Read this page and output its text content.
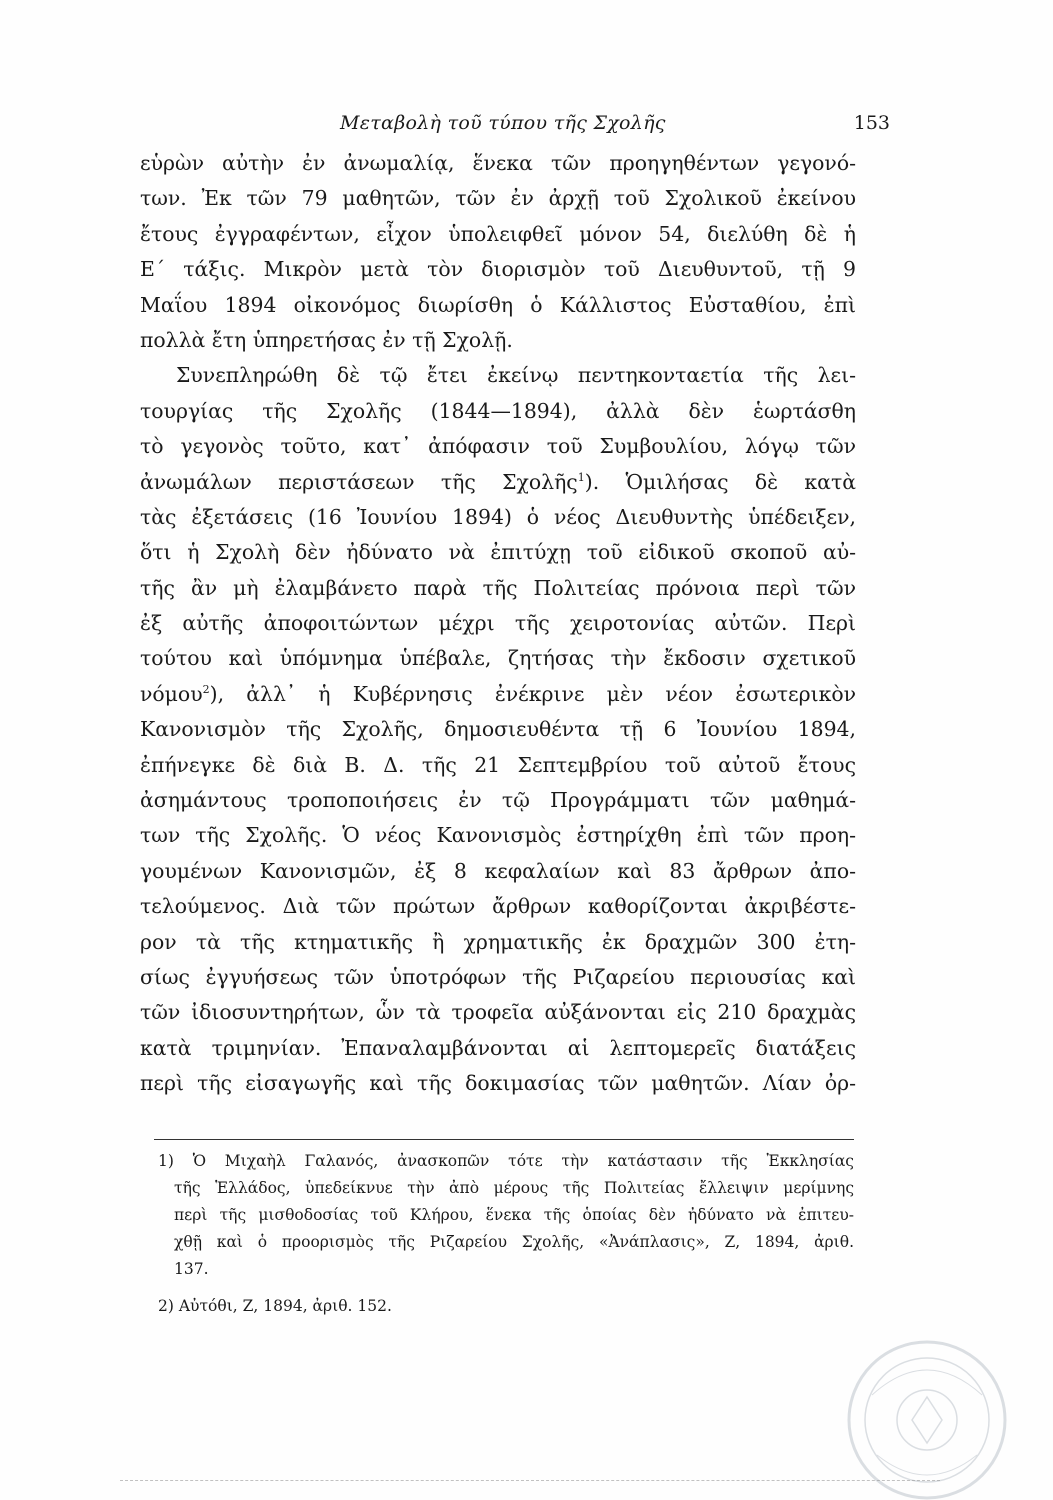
Μεταβολὴ τοῦ τύπου τῆς Σχολῆς	153
εὑρὼν αὐτὴν ἐν ἀνωμαλίᾳ, ἕνεκα τῶν προηγηθέντων γεγονό-
των. Ἐκ τῶν 79 μαθητῶν, τῶν ἐν ἀρχῇ τοῦ Σχολικοῦ ἐκείνου
ἔτους ἐγγραφέντων, εἶχον ὑπολειφθεῖ μόνον 54, διελύθη δὲ ἡ
Ε΄ τάξις. Μικρὸν μετὰ τὸν διορισμὸν τοῦ Διευθυντοῦ, τῇ 9
Μαΐου 1894 οἰκονόμος διωρίσθη ὁ Κάλλιστος Εὐσταθίου, ἐπὶ
πολλὰ ἔτη ὑπηρετήσας ἐν τῇ Σχολῇ.
Συνεπληρώθη δὲ τῷ ἔτει ἐκείνῳ πεντηκονταετία τῆς λει-
τουργίας τῆς Σχολῆς (1844—1894), ἀλλὰ δὲν ἑωρτάσθη
τὸ γεγονὸς τοῦτο, κατ᾽ ἀπόφασιν τοῦ Συμβουλίου, λόγῳ τῶν
ἀνωμάλων περιστάσεων τῆς Σχολῆς$^1$). Ὁμιλήσας δὲ κατὰ
τὰς ἐξετάσεις (16 Ἰουνίου 1894) ὁ νέος Διευθυντὴς ὑπέδειξεν,
ὅτι ἡ Σχολὴ δὲν ἠδύνατο νὰ ἐπιτύχῃ τοῦ εἰδικοῦ σκοποῦ αὐ-
τῆς ἂν μὴ ἐλαμβάνετο παρὰ τῆς Πολιτείας πρόνοια περὶ τῶν
ἐξ αὐτῆς ἀποφοιτώντων μέχρι τῆς χειροτονίας αὐτῶν. Περὶ
τούτου καὶ ὑπόμνημα ὑπέβαλε, ζητήσας τὴν ἔκδοσιν σχετικοῦ
νόμου$^2$), ἀλλ᾽ ἡ Κυβέρνησις ἐνέκρινε μὲν νέον ἐσωτερικὸν
Κανονισμὸν τῆς Σχολῆς, δημοσιευθέντα τῇ 6 Ἰουνίου 1894,
ἐπήνεγκε δὲ διὰ Β. Δ. τῆς 21 Σεπτεμβρίου τοῦ αὐτοῦ ἔτους
ἀσημάντους τροποποιήσεις ἐν τῷ Προγράμματι τῶν μαθημά-
των τῆς Σχολῆς. Ὁ νέος Κανονισμὸς ἐστηρίχθη ἐπὶ τῶν προη-
γουμένων Κανονισμῶν, ἐξ 8 κεφαλαίων καὶ 83 ἄρθρων ἀπο-
τελούμενος. Διὰ τῶν πρώτων ἄρθρων καθορίζονται ἀκριβέστε-
ρον τὰ τῆς κτηματικῆς ἢ χρηματικῆς ἐκ δραχμῶν 300 ἐτη-
σίως ἐγγυήσεως τῶν ὑποτρόφων τῆς Ριζαρείου περιουσίας καὶ
τῶν ἰδιοσυντηρήτων, ὧν τὰ τροφεῖα αὐξάνονται εἰς 210 δραχμὰς
κατὰ τριμηνίαν. Ἐπαναλαμβάνονται αἱ λεπτομερεῖς διατάξεις
περὶ τῆς εἰσαγωγῆς καὶ τῆς δοκιμασίας τῶν μαθητῶν. Λίαν ὀρ-
1) Ὁ Μιχαὴλ Γαλανός, ἀνασκοπῶν τότε τὴν κατάστασιν τῆς Ἐκκλησίας
τῆς Ἑλλάδος, ὑπεδείκνυε τὴν ἀπὸ μέρους τῆς Πολιτείας ἔλλειψιν μερίμνης
περὶ τῆς μισθοδοσίας τοῦ Κλήρου, ἕνεκα τῆς ὁποίας δὲν ἠδύνατο νὰ ἐπιτευ-
χθῇ καὶ ὁ προορισμὸς τῆς Ριζαρείου Σχολῆς, «Ἀνάπλασις», Ζ, 1894, ἀριθ.
137.
2) Αὐτόθι, Ζ, 1894, ἀριθ. 152.
